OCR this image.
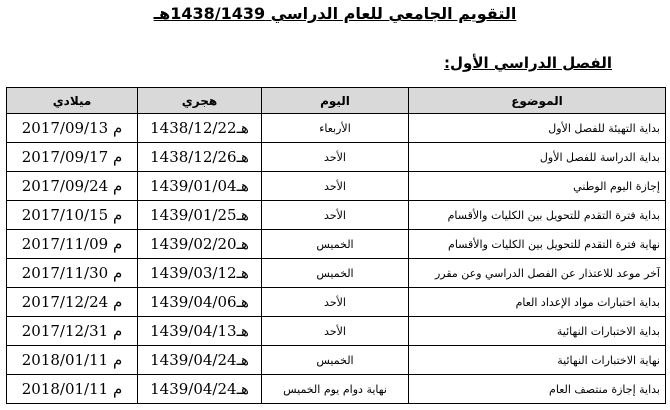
التقويم الجامعي للعام الدراسي 1438/1439هـ
الفصل الدراسي الأول:
الموضوع	اليوم	هجري	ميلادي
بداية التهيئة للفصل الأول	الأربعاء	1438/12/22هـ	2017/09/13 م
بداية الدراسة للفصل الأول	الأحد	1438/12/26هـ	2017/09/17 م
إجازة اليوم الوطني	الأحد	1439/01/04هـ	2017/09/24 م
بداية فترة التقدم للتحويل بين الكليات والأقسام	الأحد	1439/01/25هـ	2017/10/15 م
نهاية فترة التقدم للتحويل بين الكليات والأقسام	الخميس	1439/02/20هـ	2017/11/09 م
آخر موعد للاعتذار عن الفصل الدراسي وعن مقرر	الخميس	1439/03/12هـ	2017/11/30 م
بداية اختبارات مواد الإعداد العام	الأحد	1439/04/06هـ	2017/12/24 م
بداية الاختبارات النهائية	الأحد	1439/04/13هـ	2017/12/31 م
نهاية الاختبارات النهائية	الخميس	1439/04/24هـ	2018/01/11 م
بداية إجازة منتصف العام	نهاية دوام يوم الخميس	1439/04/24هـ	2018/01/11 م
